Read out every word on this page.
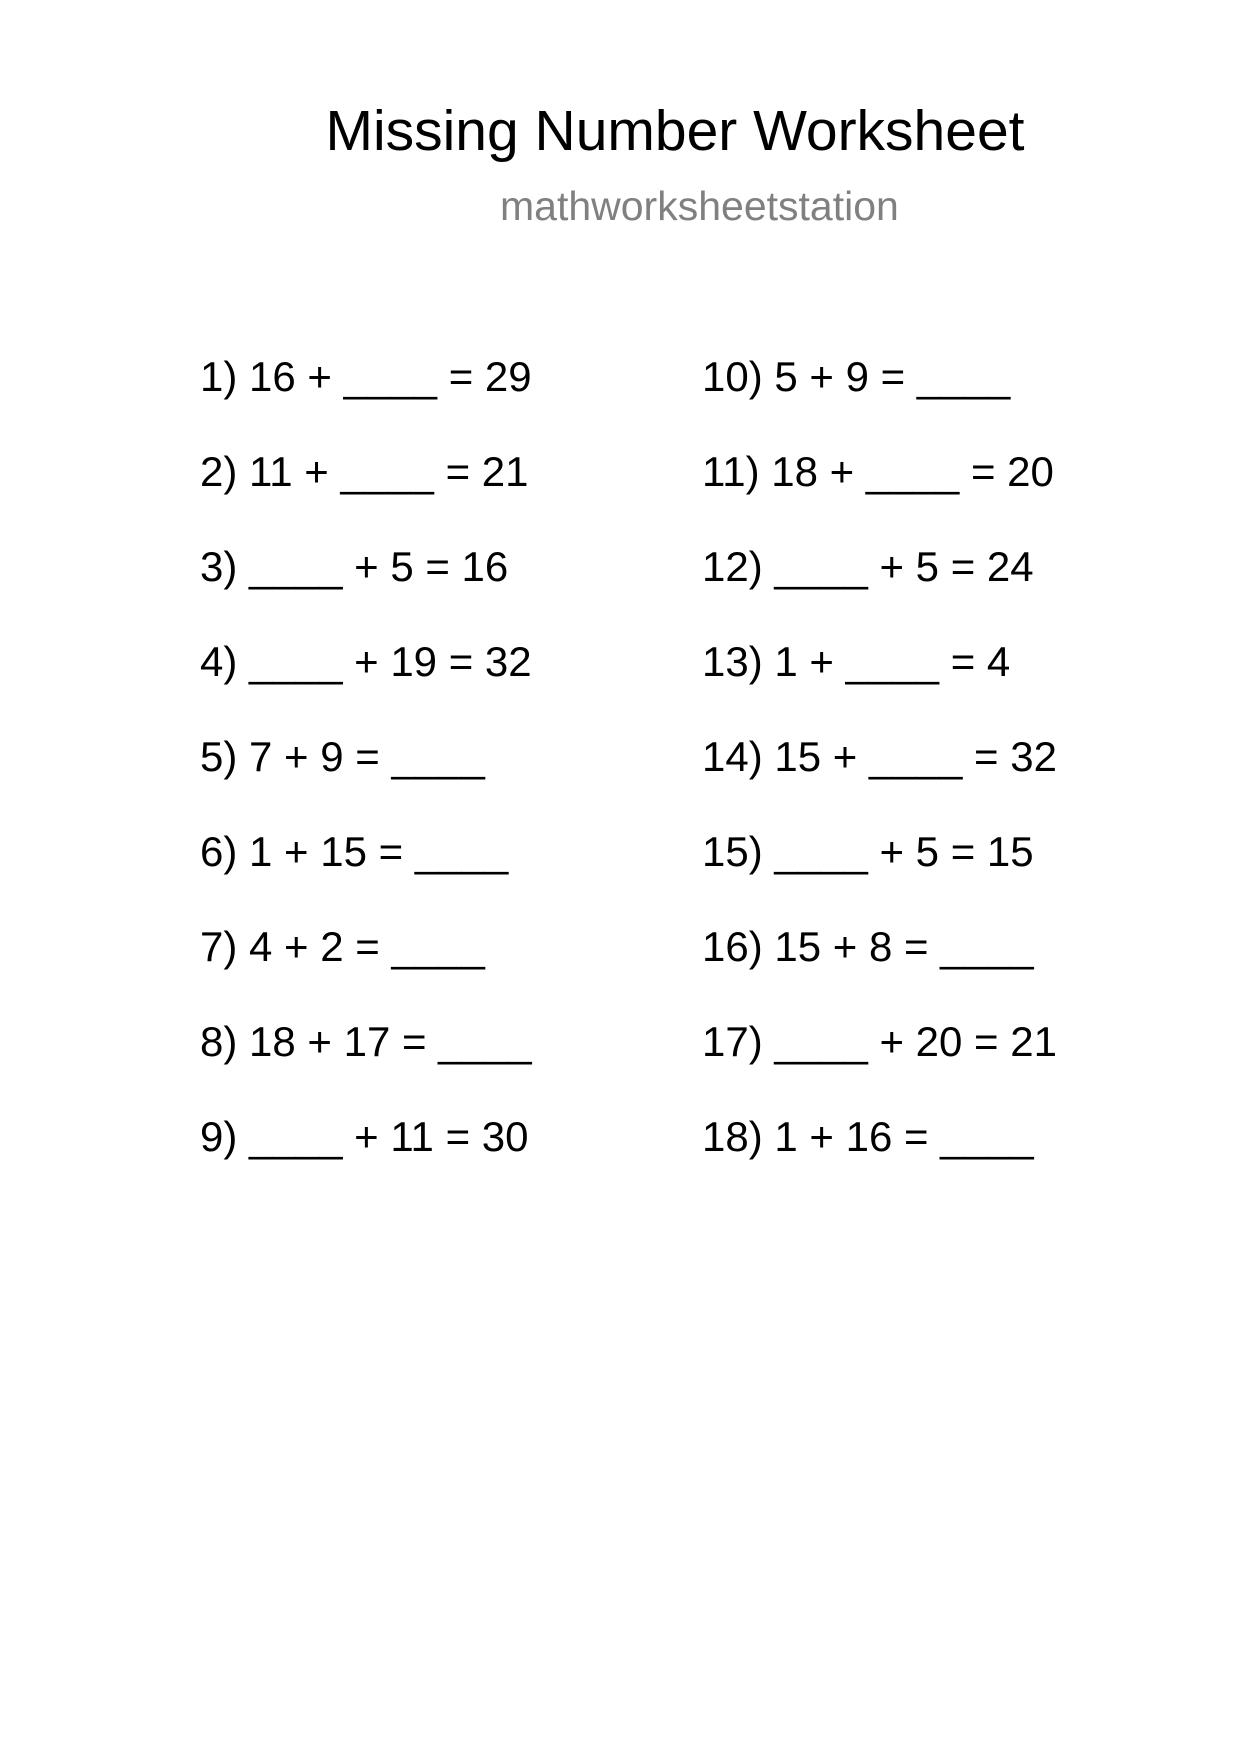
Missing Number Worksheet
mathworksheetstation
1) 16 + ____ = 29
2) 11 + ____ = 21
3) ____ + 5 = 16
4) ____ + 19 = 32
5) 7 + 9 = ____
6) 1 + 15 = ____
7) 4 + 2 = ____
8) 18 + 17 = ____
9) ____ + 11 = 30
10) 5 + 9 = ____
11) 18 + ____ = 20
12) ____ + 5 = 24
13) 1 + ____ = 4
14) 15 + ____ = 32
15) ____ + 5 = 15
16) 15 + 8 = ____
17) ____ + 20 = 21
18) 1 + 16 = ____
